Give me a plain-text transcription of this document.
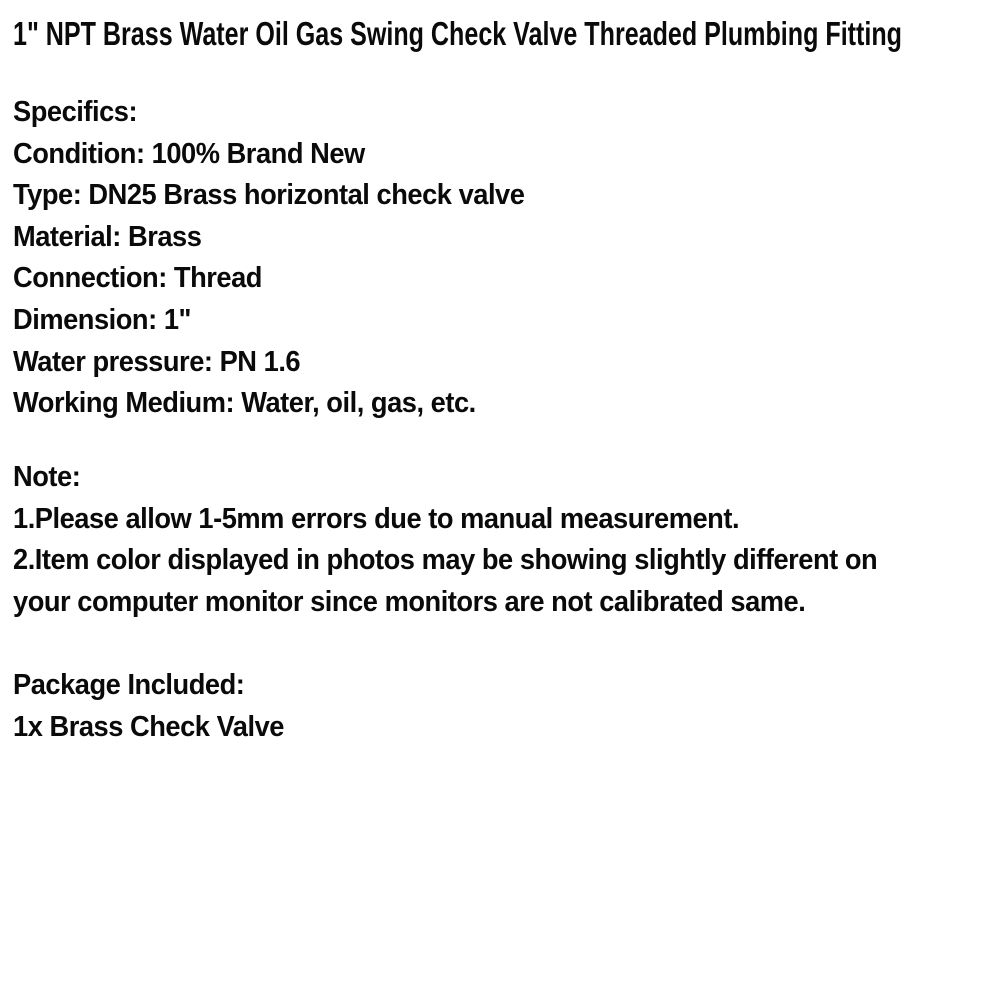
1" NPT Brass Water Oil Gas Swing Check Valve Threaded Plumbing Fitting
Specifics:
Condition: 100% Brand New
Type: DN25 Brass horizontal check valve
Material: Brass
Connection: Thread
Dimension: 1"
Water pressure: PN 1.6
Working Medium: Water, oil, gas, etc.
Note:
1.Please allow 1-5mm errors due to manual measurement.
2.Item color displayed in photos may be showing slightly different on
your computer monitor since monitors are not calibrated same.
Package Included:
1x Brass Check Valve
